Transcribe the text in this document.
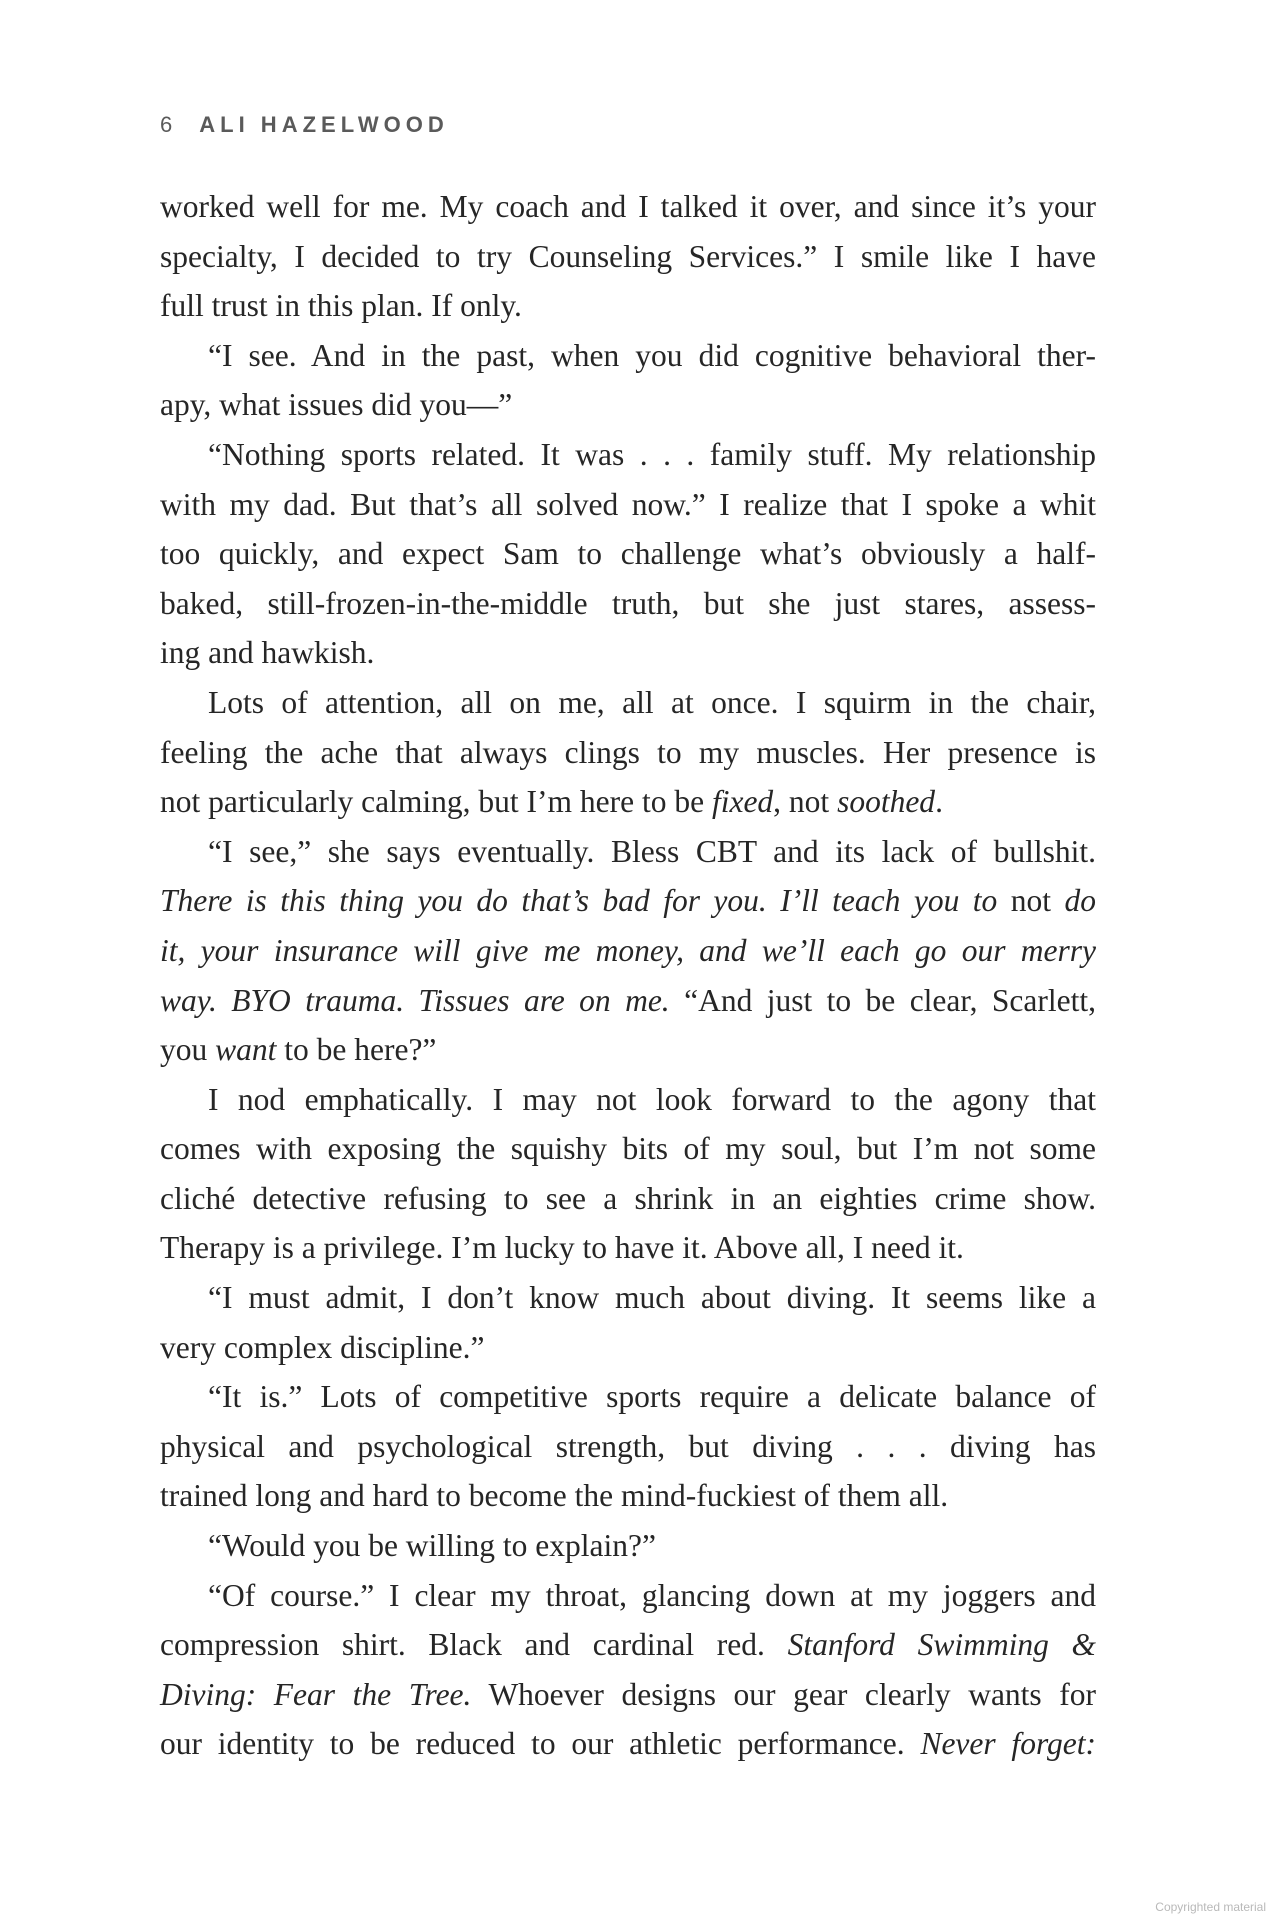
6 ALI HAZELWOOD
worked well for me. My coach and I talked it over, and since it’s your
specialty, I decided to try Counseling Services.” I smile like I have
full trust in this plan. If only.
“I see. And in the past, when you did cognitive behavioral ther-
apy, what issues did you—”
“Nothing sports related. It was . . . family stuff. My relationship
with my dad. But that’s all solved now.” I realize that I spoke a whit
too quickly, and expect Sam to challenge what’s obviously a half-
baked, still-frozen-in-the-middle truth, but she just stares, assess-
ing and hawkish.
Lots of attention, all on me, all at once. I squirm in the chair,
feeling the ache that always clings to my muscles. Her presence is
not particularly calming, but I’m here to be fixed, not soothed.
“I see,” she says eventually. Bless CBT and its lack of bullshit.
There is this thing you do that’s bad for you. I’ll teach you to not do
it, your insurance will give me money, and we’ll each go our merry
way. BYO trauma. Tissues are on me. “And just to be clear, Scarlett,
you want to be here?”
I nod emphatically. I may not look forward to the agony that
comes with exposing the squishy bits of my soul, but I’m not some
cliché detective refusing to see a shrink in an eighties crime show.
Therapy is a privilege. I’m lucky to have it. Above all, I need it.
“I must admit, I don’t know much about diving. It seems like a
very complex discipline.”
“It is.” Lots of competitive sports require a delicate balance of
physical and psychological strength, but diving . . . diving has
trained long and hard to become the mind-fuckiest of them all.
“Would you be willing to explain?”
“Of course.” I clear my throat, glancing down at my joggers and
compression shirt. Black and cardinal red. Stanford Swimming &
Diving: Fear the Tree. Whoever designs our gear clearly wants for
our identity to be reduced to our athletic performance. Never forget:
Copyrighted material
